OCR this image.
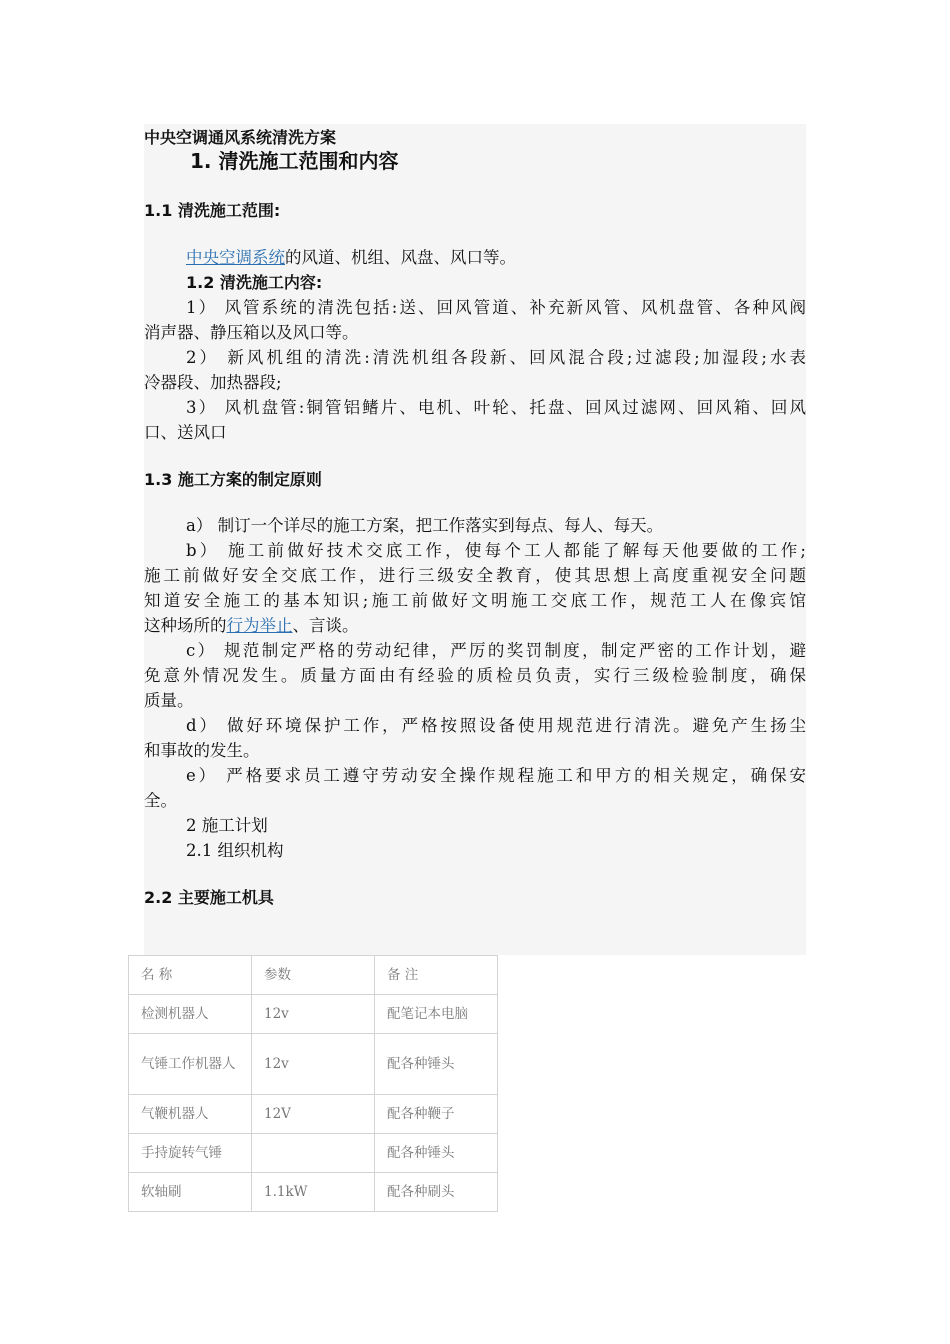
中央空调通风系统清洗方案
1. 清洗施工范围和内容
1.1 清洗施工范围:
中央空调系统的风道、机组、风盘、风口等。
1.2 清洗施工内容:
1） 风管系统的清洗包括:送、回风管道、补充新风管、风机盘管、各种风阀
消声器、静压箱以及风口等。
2） 新风机组的清洗:清洗机组各段新、回风混合段;过滤段;加湿段;水表
冷器段、加热器段;
3） 风机盘管:铜管铝鳍片、电机、叶轮、托盘、回风过滤网、回风箱、回风
口、送风口
1.3 施工方案的制定原则
a） 制订一个详尽的施工方案，把工作落实到每点、每人、每天。
b） 施工前做好技术交底工作，使每个工人都能了解每天他要做的工作;
施工前做好安全交底工作，进行三级安全教育，使其思想上高度重视安全问题
知道安全施工的基本知识;施工前做好文明施工交底工作，规范工人在像宾馆
这种场所的行为举止、言谈。
c） 规范制定严格的劳动纪律，严厉的奖罚制度，制定严密的工作计划，避
免意外情况发生。质量方面由有经验的质检员负责，实行三级检验制度，确保
质量。
d） 做好环境保护工作，严格按照设备使用规范进行清洗。避免产生扬尘
和事故的发生。
e） 严格要求员工遵守劳动安全操作规程施工和甲方的相关规定，确保安
全。
2 施工计划
2.1 组织机构
2.2 主要施工机具
名 称	参数	备 注
检测机器人	12v	配笔记本电脑
气锤工作机器人	12v	配各种锤头
气鞭机器人	12V	配各种鞭子
手持旋转气锤		配各种锤头
软轴刷	1.1kW	配各种刷头
